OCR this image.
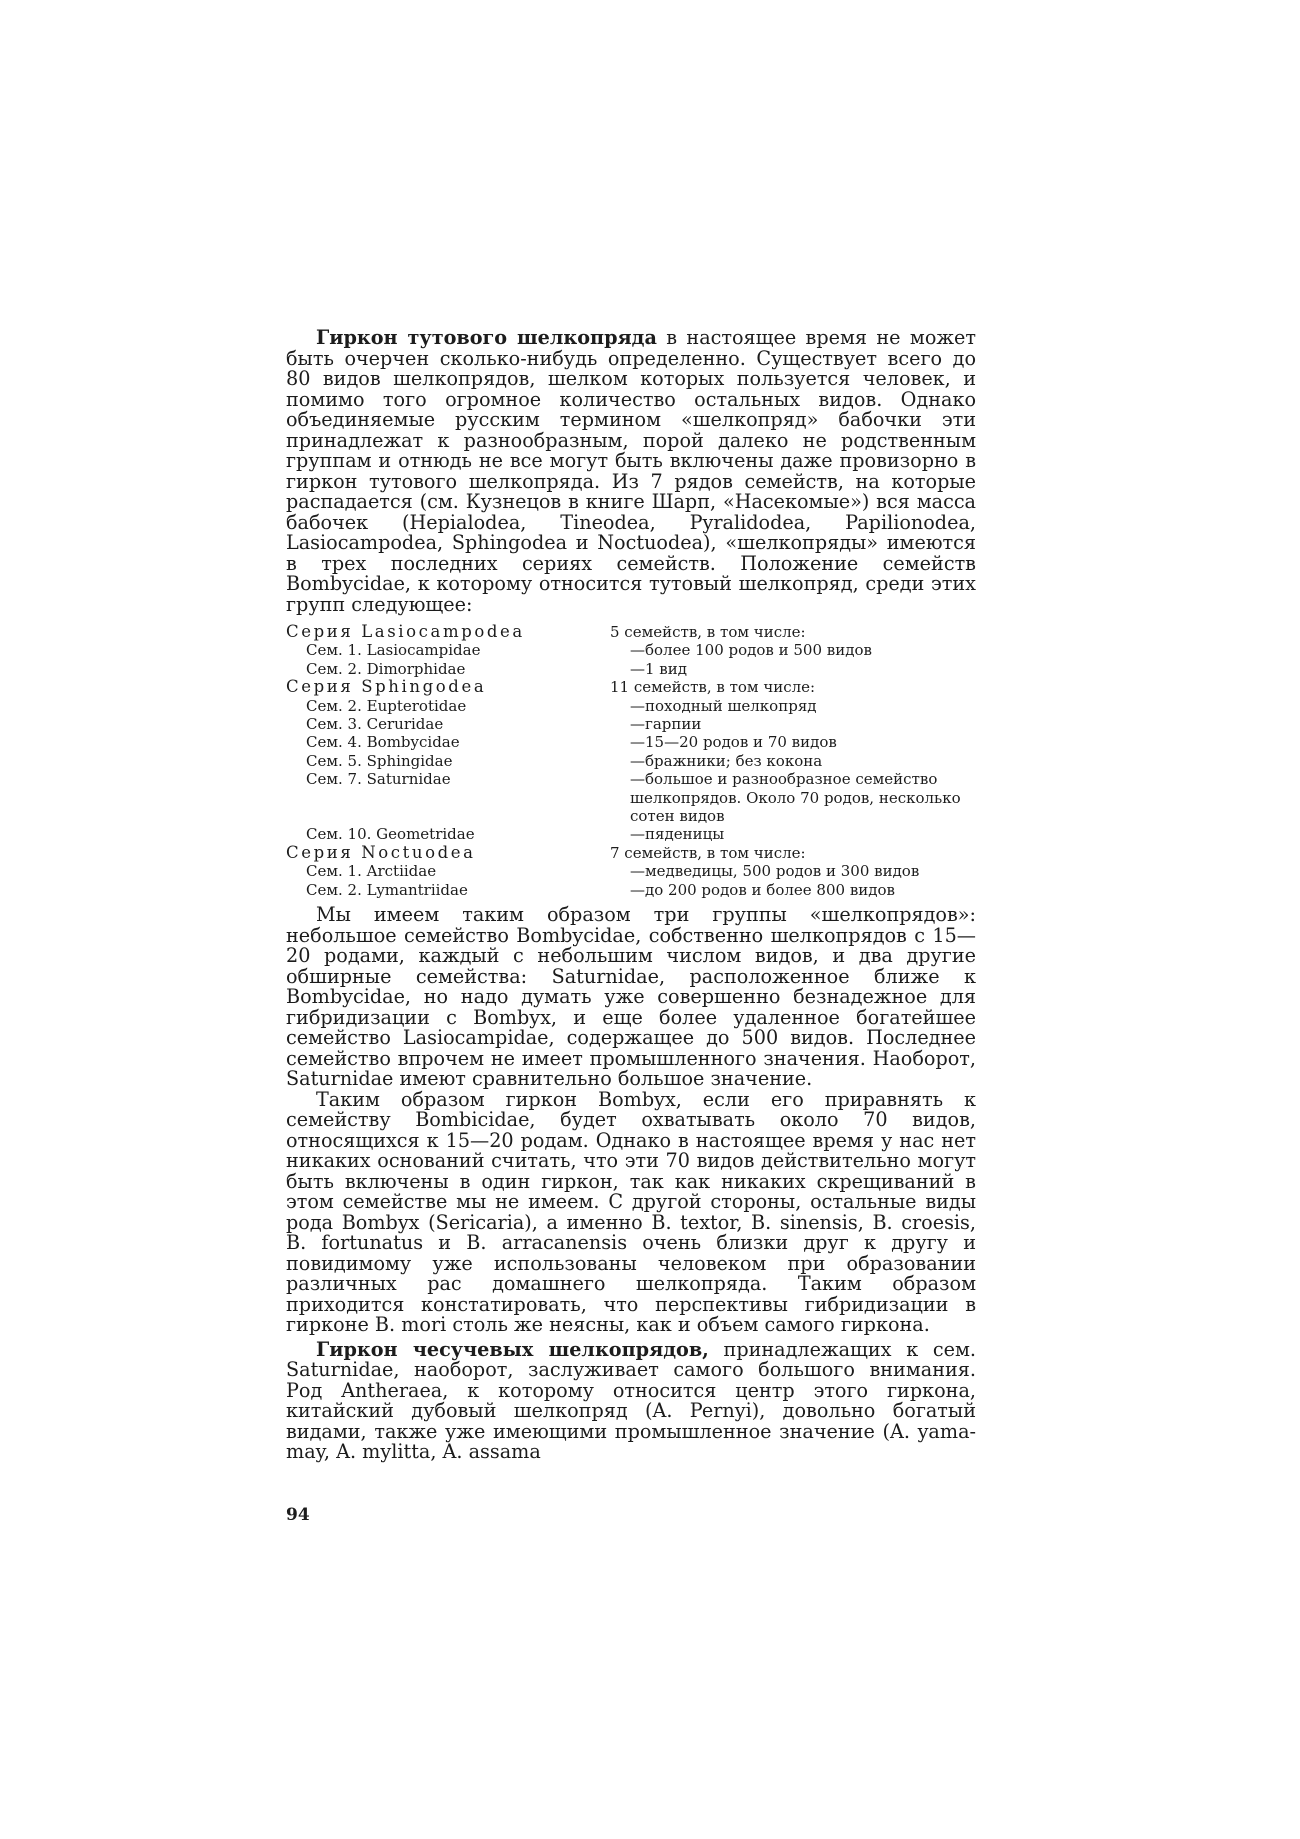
Гиркон тутового шелкопряда в настоящее время не может быть очерчен сколько-нибудь определенно. Существует всего до 80 видов шелкопрядов, шелком которых пользуется человек, и помимо того огромное количество остальных видов. Однако объединяемые русским термином «шелкопряд» бабочки эти принадлежат к разнообразным, порой далеко не родственным группам и отнюдь не все могут быть включены даже провизорно в гиркон тутового шелкопряда. Из 7 рядов семейств, на которые распадается (см. Кузнецов в книге Шарп, «Насекомые») вся масса бабочек (Hepialodea, Tineodea, Pyralidodea, Papilionodea, Lasiocampodea, Sphingodea и Noctuodea), «шелкопряды» имеются в трех последних сериях семейств. Положение семейств Bombycidae, к которому относится тутовый шелкопряд, среди этих групп следующее:

Серия Lasiocampodea	5 семейств, в том числе:
Сем. 1. Lasiocampidae	—более 100 родов и 500 видов
Сем. 2. Dimorphidae	—1 вид
Серия Sphingodea	11 семейств, в том числе:
Сем. 2. Eupterotidae	—походный шелкопряд
Сем. 3. Ceruridae	—гарпии
Сем. 4. Bombycidae	—15—20 родов и 70 видов
Сем. 5. Sphingidae	—бражники; без кокона
Сем. 7. Saturnidae	—большое и разнообразное семейство шелкопрядов. Около 70 родов, несколько сотен видов
Сем. 10. Geometridae	—пяденицы
Серия Noctuodea	7 семейств, в том числе:
Сем. 1. Arctiidae	—медведицы, 500 родов и 300 видов
Сем. 2. Lymantriidae	—до 200 родов и более 800 видов

Мы имеем таким образом три группы «шелкопрядов»: небольшое семейство Bombycidae, собственно шелкопрядов с 15—20 родами, каждый с небольшим числом видов, и два другие обширные семейства: Saturnidae, расположенное ближе к Bombycidae, но надо думать уже совершенно безнадежное для гибридизации с Bombyx, и еще более удаленное богатейшее семейство Lasiocampidae, содержащее до 500 видов. Последнее семейство впрочем не имеет промышленного значения. Наоборот, Saturnidae имеют сравнительно большое значение.

Таким образом гиркон Bombyx, если его приравнять к семейству Bombicidae, будет охватывать около 70 видов, относящихся к 15—20 родам. Однако в настоящее время у нас нет никаких оснований считать, что эти 70 видов действительно могут быть включены в один гиркон, так как никаких скрещиваний в этом семействе мы не имеем. С другой стороны, остальные виды рода Bombyx (Sericaria), а именно B. textor, B. sinensis, B. croesis, B. fortunatus и B. arracanensis очень близки друг к другу и повидимому уже использованы человеком при образовании различных рас домашнего шелкопряда. Таким образом приходится констатировать, что перспективы гибридизации в гирконе B. mori столь же неясны, как и объем самого гиркона.

Гиркон чесучевых шелкопрядов, принадлежащих к сем. Saturnidae, наоборот, заслуживает самого большого внимания. Род Antheraea, к которому относится центр этого гиркона, китайский дубовый шелкопряд (A. Pernyi), довольно богатый видами, также уже имеющими промышленное значение (A. yama-may, A. mylitta, A. assama

94
